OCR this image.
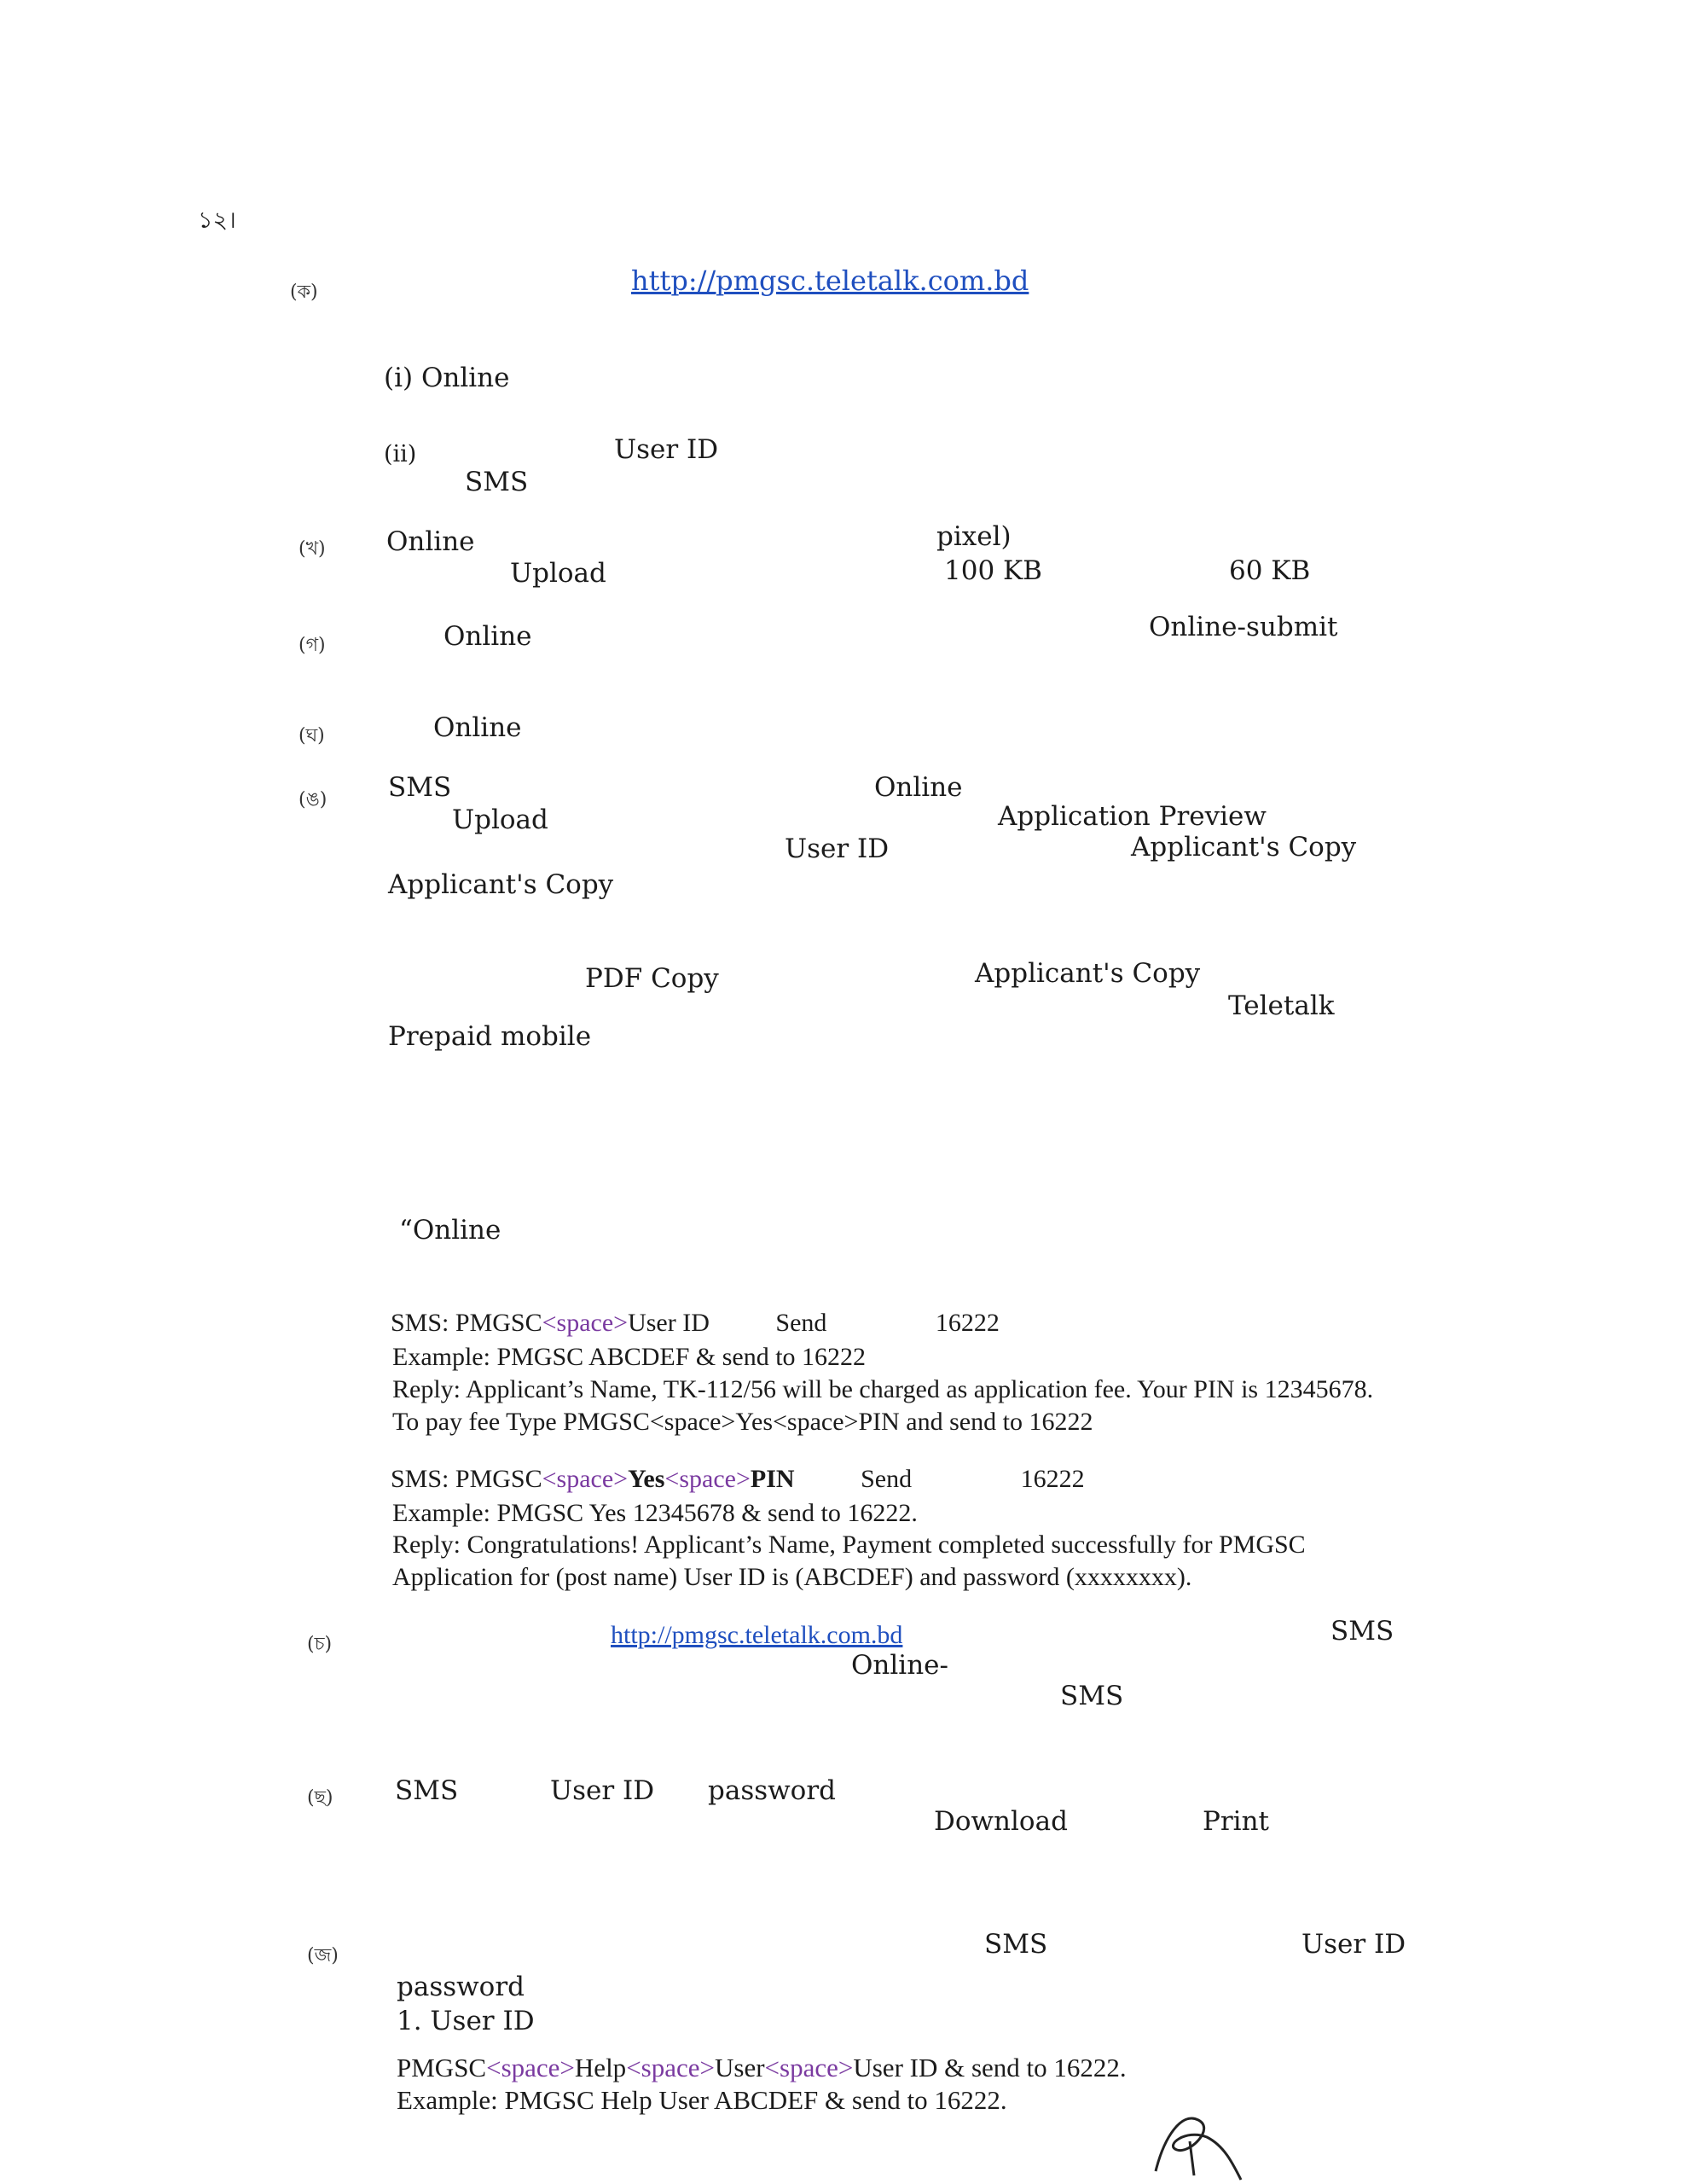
১২।
(ক)	http://pmgsc.teletalk.com.bd
(i) Online
(ii)	User ID
SMS
(খ) Online	pixel)
Upload	100 KB	60 KB
(গ)	Online	Online-submit
(ঘ)	Online
(ঙ) SMS	Online
Upload	Application Preview
User ID	Applicant's Copy
Applicant's Copy
Applicant's Copy
PDF Copy
Teletalk
Prepaid mobile
“Online
SMS: PMGSC<space>User ID	Send	16222
Example: PMGSC ABCDEF & send to 16222
Reply: Applicant’s Name, TK-112/56 will be charged as application fee. Your PIN is 12345678.
To pay fee Type PMGSC<space>Yes<space>PIN and send to 16222
SMS: PMGSC<space>Yes<space>PIN	Send	16222
Example: PMGSC Yes 12345678 & send to 16222.
Reply: Congratulations! Applicant’s Name, Payment completed successfully for PMGSC
Application for (post name) User ID is (ABCDEF) and password (xxxxxxxx).
(চ)	http://pmgsc.teletalk.com.bd	SMS
Online-
SMS
(ছ) SMS	User ID password
Download	Print
(জ)	SMS	User ID
password
1. User ID
PMGSC<space>Help<space>User<space>User ID & send to 16222.
Example: PMGSC Help User ABCDEF & send to 16222.
